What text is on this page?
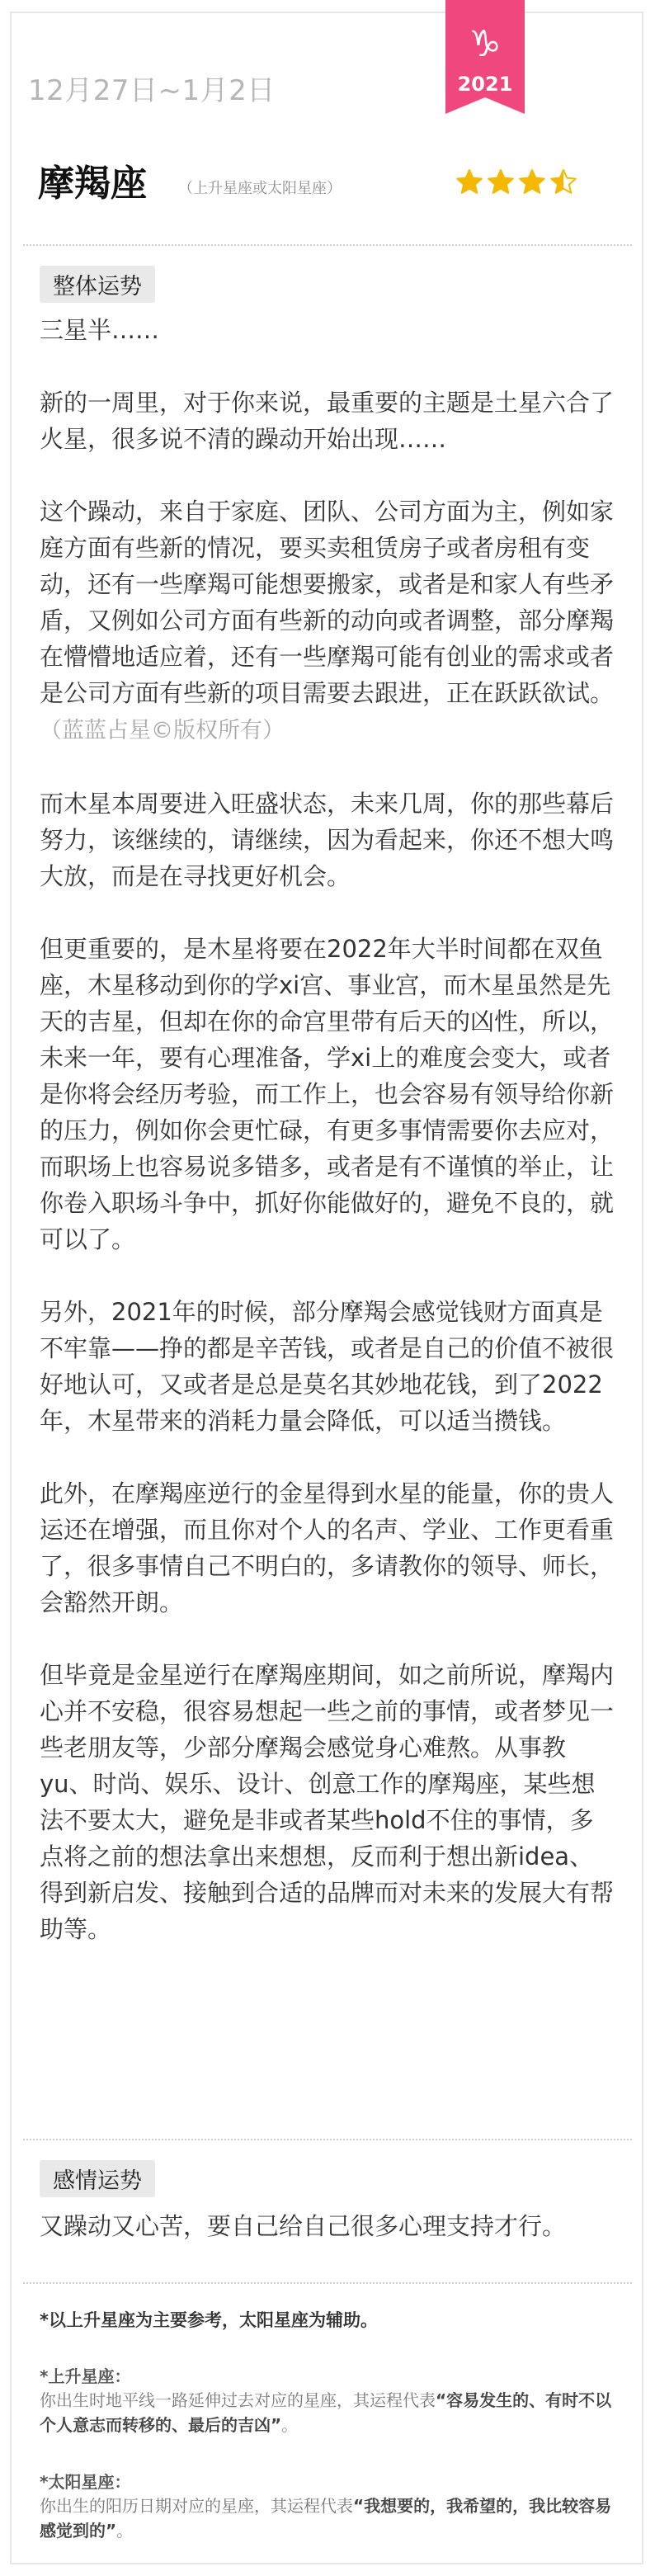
12月27日~1月2日
♑
2021
摩羯座 （上升星座或太阳星座）
整体运势

三星半……

新的一周里，对于你来说，最重要的主题是土星六合了火星，很多说不清的躁动开始出现……

这个躁动，来自于家庭、团队、公司方面为主，例如家庭方面有些新的情况，要买卖租赁房子或者房租有变动，还有一些摩羯可能想要搬家，或者是和家人有些矛盾，又例如公司方面有些新的动向或者调整，部分摩羯在懵懵地适应着，还有一些摩羯可能有创业的需求或者是公司方面有些新的项目需要去跟进，正在跃跃欲试。（蓝蓝占星©版权所有）

而木星本周要进入旺盛状态，未来几周，你的那些幕后努力，该继续的，请继续，因为看起来，你还不想大鸣大放，而是在寻找更好机会。

但更重要的，是木星将要在2022年大半时间都在双鱼座，木星移动到你的学xi宫、事业宫，而木星虽然是先天的吉星，但却在你的命宫里带有后天的凶性，所以，未来一年，要有心理准备，学xi上的难度会变大，或者是你将会经历考验，而工作上，也会容易有领导给你新的压力，例如你会更忙碌，有更多事情需要你去应对，而职场上也容易说多错多，或者是有不谨慎的举止，让你卷入职场斗争中，抓好你能做好的，避免不良的，就可以了。

另外，2021年的时候，部分摩羯会感觉钱财方面真是不牢靠——挣的都是辛苦钱，或者是自己的价值不被很好地认可，又或者是总是莫名其妙地花钱，到了2022年，木星带来的消耗力量会降低，可以适当攒钱。

此外，在摩羯座逆行的金星得到水星的能量，你的贵人运还在增强，而且你对个人的名声、学业、工作更看重了，很多事情自己不明白的，多请教你的领导、师长，会豁然开朗。

但毕竟是金星逆行在摩羯座期间，如之前所说，摩羯内心并不安稳，很容易想起一些之前的事情，或者梦见一些老朋友等，少部分摩羯会感觉身心难熬。从事教yu、时尚、娱乐、设计、创意工作的摩羯座，某些想法不要太大，避免是非或者某些hold不住的事情，多点将之前的想法拿出来想想，反而利于想出新idea、得到新启发、接触到合适的品牌而对未来的发展大有帮助等。

感情运势

又躁动又心苦，要自己给自己很多心理支持才行。

*以上升星座为主要参考，太阳星座为辅助。

*上升星座：

你出生时地平线一路延伸过去对应的星座，其运程代表“容易发生的、有时不以个人意志而转移的、最后的吉凶”。

*太阳星座：

你出生的阳历日期对应的星座，其运程代表“我想要的，我希望的，我比较容易感觉到的”。
